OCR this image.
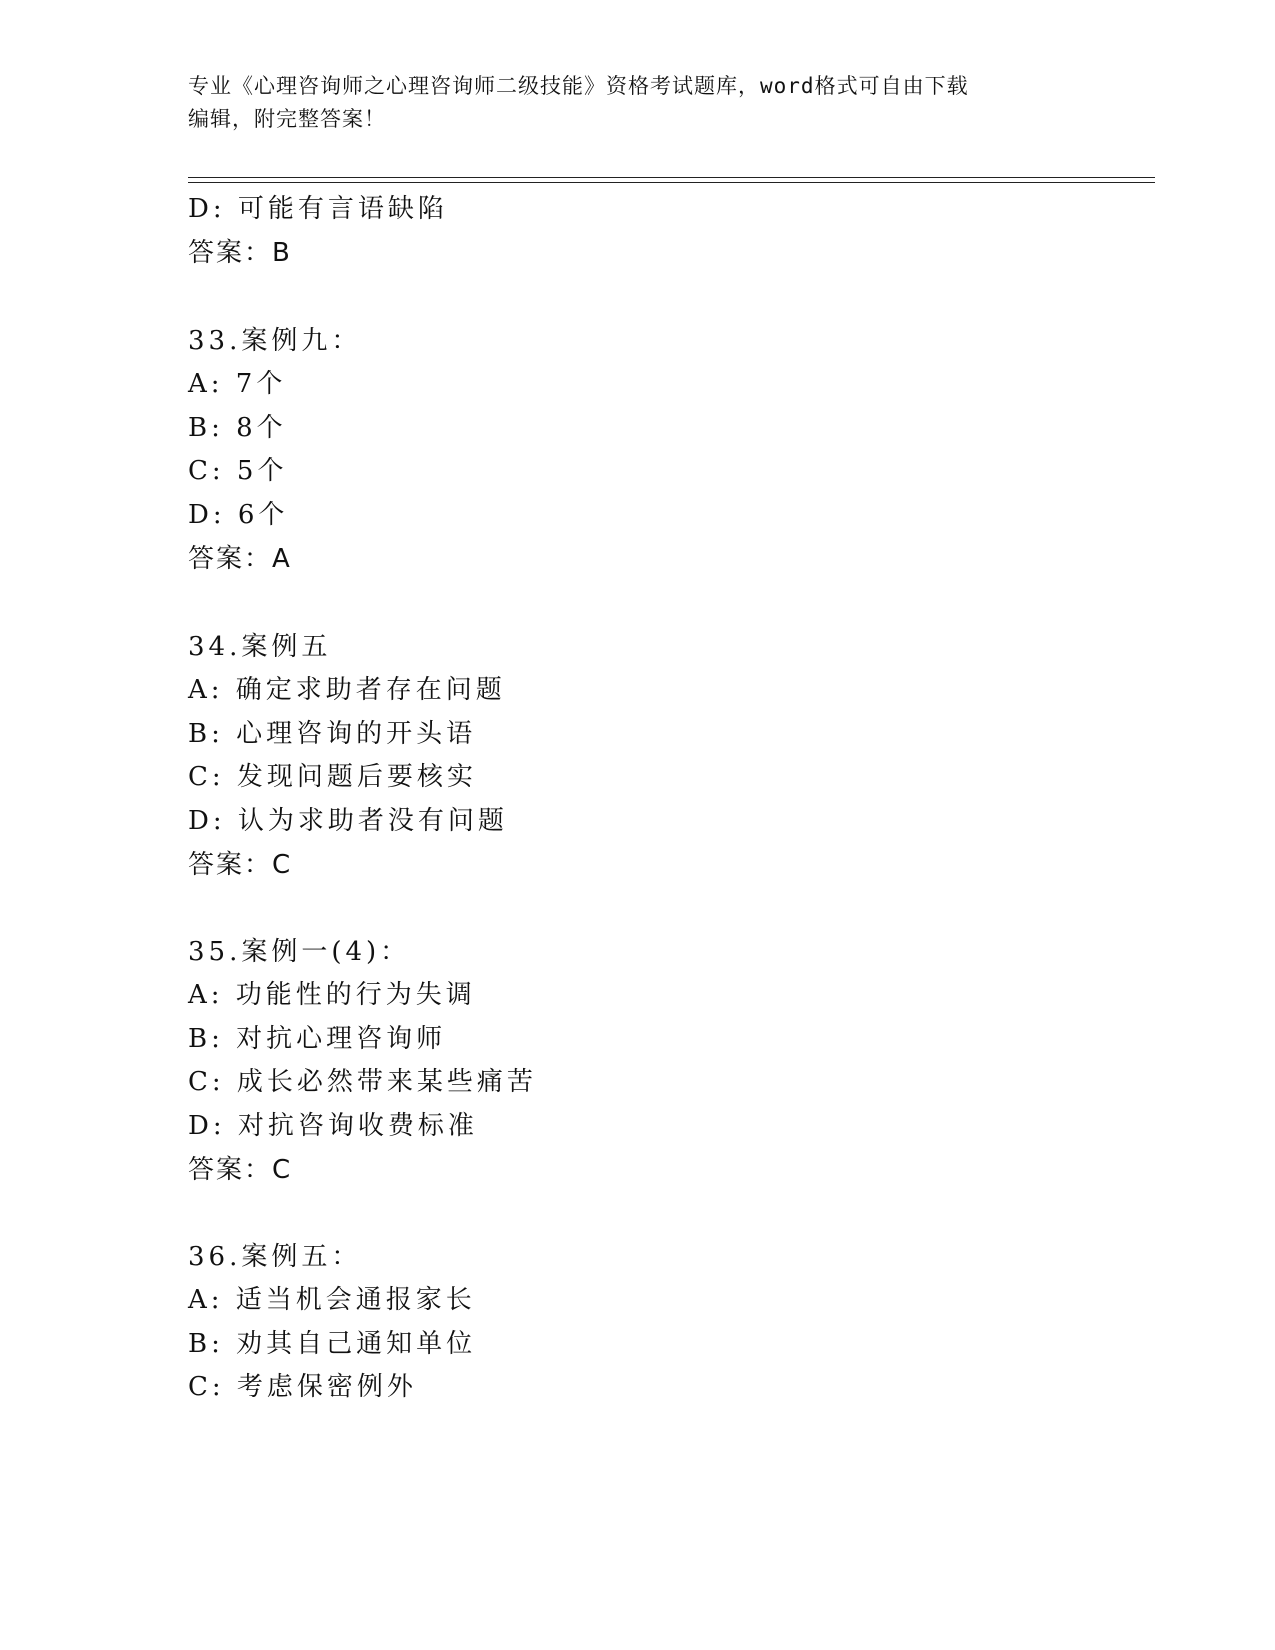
专业《心理咨询师之心理咨询师二级技能》资格考试题库，word格式可自由下载
编辑，附完整答案！
D: 可能有言语缺陷
答案：B
33.案例九：
A: 7个
B: 8个
C: 5个
D: 6个
答案：A
34.案例五
A: 确定求助者存在问题
B: 心理咨询的开头语
C: 发现问题后要核实
D: 认为求助者没有问题
答案：C
35.案例一(4)：
A: 功能性的行为失调
B: 对抗心理咨询师
C: 成长必然带来某些痛苦
D: 对抗咨询收费标准
答案：C
36.案例五：
A: 适当机会通报家长
B: 劝其自己通知单位
C: 考虑保密例外
